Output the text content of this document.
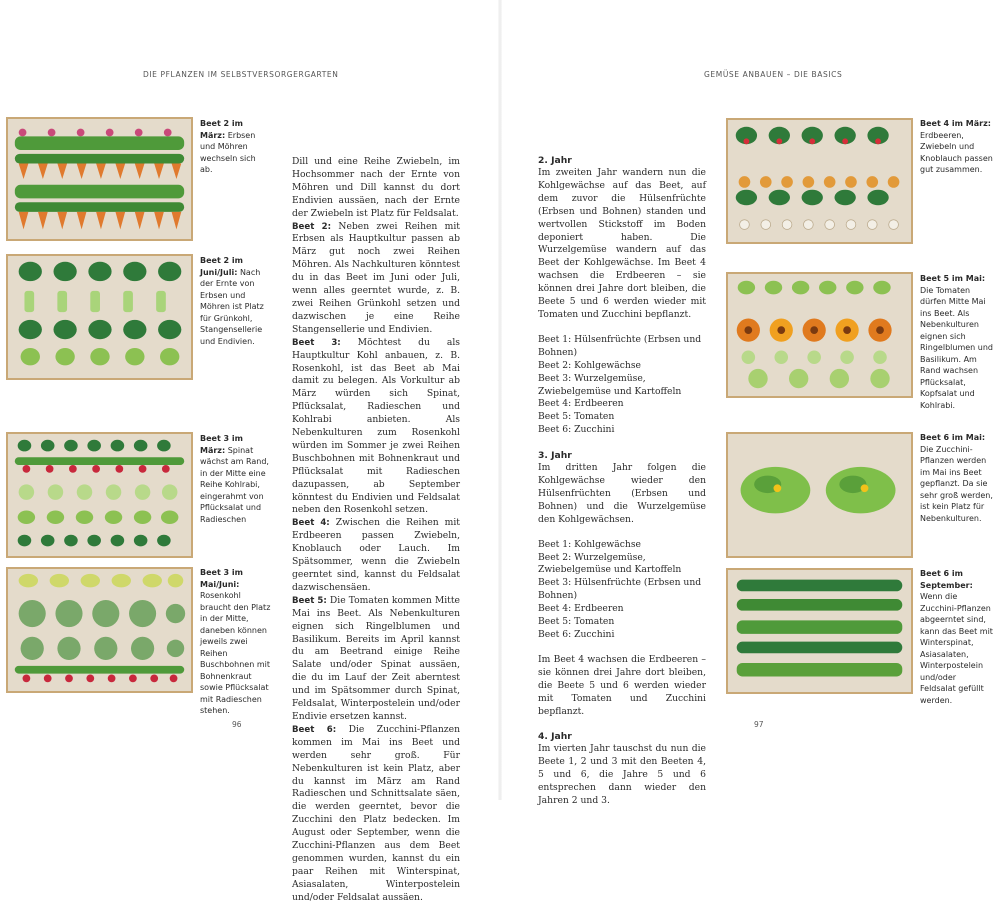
DIE PFLANZEN IM SELBSTVERSORGERGARTEN
Beet 2 im März: Erbsen und Möhren wechseln sich ab.
Beet 2 im Juni/Juli: Nach der Ernte von Erbsen und Möhren ist Platz für Grünkohl, Stangensellerie und Endivien.
Beet 3 im März: Spinat wächst am Rand, in der Mitte eine Reihe Kohlrabi, eingerahmt von Pflücksalat und Radieschen
Beet 3 im Mai/Juni: Rosenkohl braucht den Platz in der Mitte, daneben können jeweils zwei Reihen Buschbohnen mit Bohnenkraut sowie Pflücksalat mit Radieschen stehen.

Dill und eine Reihe Zwiebeln, im Hochsommer nach der Ernte von Möhren und Dill kannst du dort Endivien aussäen, nach der Ernte der Zwiebeln ist Platz für Feldsalat.

Beet 2: Neben zwei Reihen mit Erbsen als Hauptkultur passen ab März gut noch zwei Reihen Möhren. Als Nachkulturen könntest du in das Beet im Juni oder Juli, wenn alles geerntet wurde, z. B. zwei Reihen Grünkohl setzen und dazwischen je eine Reihe Stangensellerie und Endivien.

Beet 3: Möchtest du als Hauptkultur Kohl anbauen, z. B. Rosenkohl, ist das Beet ab Mai damit zu belegen. Als Vorkultur ab März würden sich Spinat, Pflücksalat, Radieschen und Kohlrabi anbieten. Als Nebenkulturen zum Rosenkohl würden im Sommer je zwei Reihen Buschbohnen mit Bohnenkraut und Pflücksalat mit Radieschen dazupassen, ab September könntest du Endivien und Feldsalat neben den Rosenkohl setzen.

Beet 4: Zwischen die Reihen mit Erdbeeren passen Zwiebeln, Knoblauch oder Lauch. Im Spätsommer, wenn die Zwiebeln geerntet sind, kannst du Feldsalat dazwischensäen.

Beet 5: Die Tomaten kommen Mitte Mai ins Beet. Als Nebenkulturen eignen sich Ringelblumen und Basilikum. Bereits im April kannst du am Beetrand einige Reihe Salate und/oder Spinat aussäen, die du im Lauf der Zeit aberntest und im Spätsommer durch Spinat, Feldsalat, Winterpostelein und/oder Endivie ersetzen kannst.

Beet 6: Die Zucchini-Pflanzen kommen im Mai ins Beet und werden sehr groß. Für Nebenkulturen ist kein Platz, aber du kannst im März am Rand Radieschen und Schnittsalate säen, die werden geerntet, bevor die Zucchini den Platz bedecken. Im August oder September, wenn die Zucchini-Pflanzen aus dem Beet genommen wurden, kannst du ein paar Reihen mit Winterspinat, Asiasalaten, Winterpostelein und/oder Feldsalat aussäen.

96
GEMÜSE ANBAUEN – DIE BASICS
2. Jahr

Im zweiten Jahr wandern nun die Kohlgewächse auf das Beet, auf dem zuvor die Hülsenfrüchte (Erbsen und Bohnen) standen und wertvollen Stickstoff im Boden deponiert haben. Die Wurzelgemüse wandern auf das Beet der Kohlgewächse. Im Beet 4 wachsen die Erdbeeren – sie können drei Jahre dort bleiben, die Beete 5 und 6 werden wieder mit Tomaten und Zucchini bepflanzt.

Beet 1: Hülsenfrüchte (Erbsen und Bohnen)
Beet 2: Kohlgewächse
Beet 3: Wurzelgemüse, Zwiebelgemüse und Kartoffeln
Beet 4: Erdbeeren
Beet 5: Tomaten
Beet 6: Zucchini
3. Jahr

Im dritten Jahr folgen die Kohlgewächse wieder den Hülsenfrüchten (Erbsen und Bohnen) und die Wurzelgemüse den Kohlgewächsen.

Beet 1: Kohlgewächse
Beet 2: Wurzelgemüse, Zwiebelgemüse und Kartoffeln
Beet 3: Hülsenfrüchte (Erbsen und Bohnen)
Beet 4: Erdbeeren
Beet 5: Tomaten
Beet 6: Zucchini

Im Beet 4 wachsen die Erdbeeren – sie können drei Jahre dort bleiben, die Beete 5 und 6 werden wieder mit Tomaten und Zucchini bepflanzt.

4. Jahr

Im vierten Jahr tauschst du nun die Beete 1, 2 und 3 mit den Beeten 4, 5 und 6, die Jahre 5 und 6 entsprechen dann wieder den Jahren 2 und 3.

Beet 4 im März: Erdbeeren, Zwiebeln und Knoblauch passen gut zusammen.
Beet 5 im Mai: Die Tomaten dürfen Mitte Mai ins Beet. Als Nebenkulturen eignen sich Ringelblumen und Basilikum. Am Rand wachsen Pflücksalat, Kopfsalat und Kohlrabi.
Beet 6 im Mai: Die Zucchini-Pflanzen werden im Mai ins Beet gepflanzt. Da sie sehr groß werden, ist kein Platz für Nebenkulturen.
Beet 6 im September: Wenn die Zucchini-Pflanzen abgeerntet sind, kann das Beet mit Winterspinat, Asiasalaten, Winterpostelein und/oder Feldsalat gefüllt werden.
97
